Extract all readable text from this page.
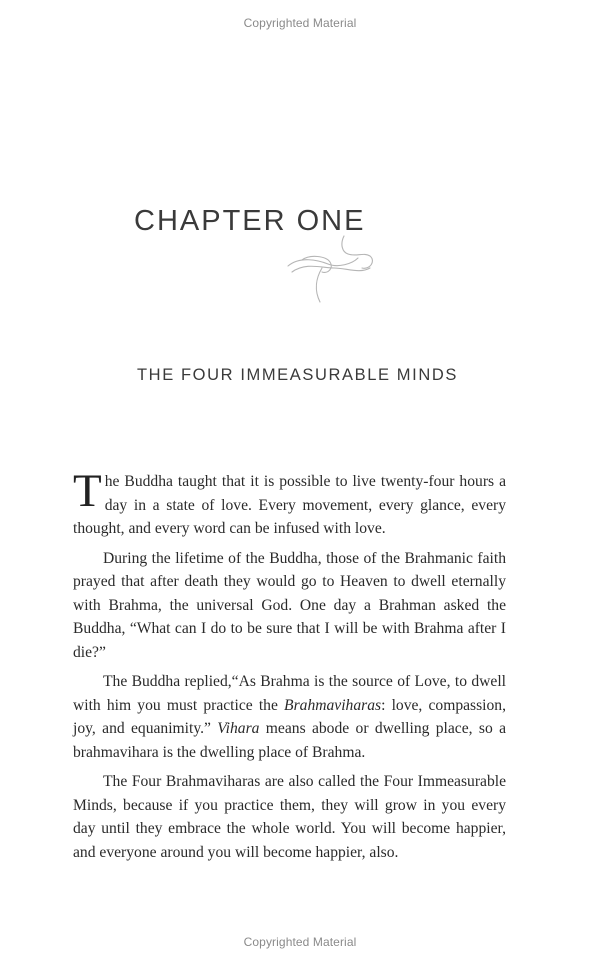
Copyrighted Material
CHAPTER ONE
THE FOUR IMMEASURABLE MINDS

The Buddha taught that it is possible to live twenty-four hours a day in a state of love. Every movement, every glance, every thought, and every word can be infused with love.

During the lifetime of the Buddha, those of the Brahmanic faith prayed that after death they would go to Heaven to dwell eternally with Brahma, the universal God. One day a Brahman asked the Buddha, “What can I do to be sure that I will be with Brahma after I die?”

The Buddha replied,“As Brahma is the source of Love, to dwell with him you must practice the Brahmaviharas: love, compassion, joy, and equanimity.” Vihara means abode or dwelling place, so a brahmavihara is the dwelling place of Brahma.

The Four Brahmaviharas are also called the Four Immeasurable Minds, because if you practice them, they will grow in you every day until they embrace the whole world. You will become happier, and everyone around you will become happier, also.

Copyrighted Material
